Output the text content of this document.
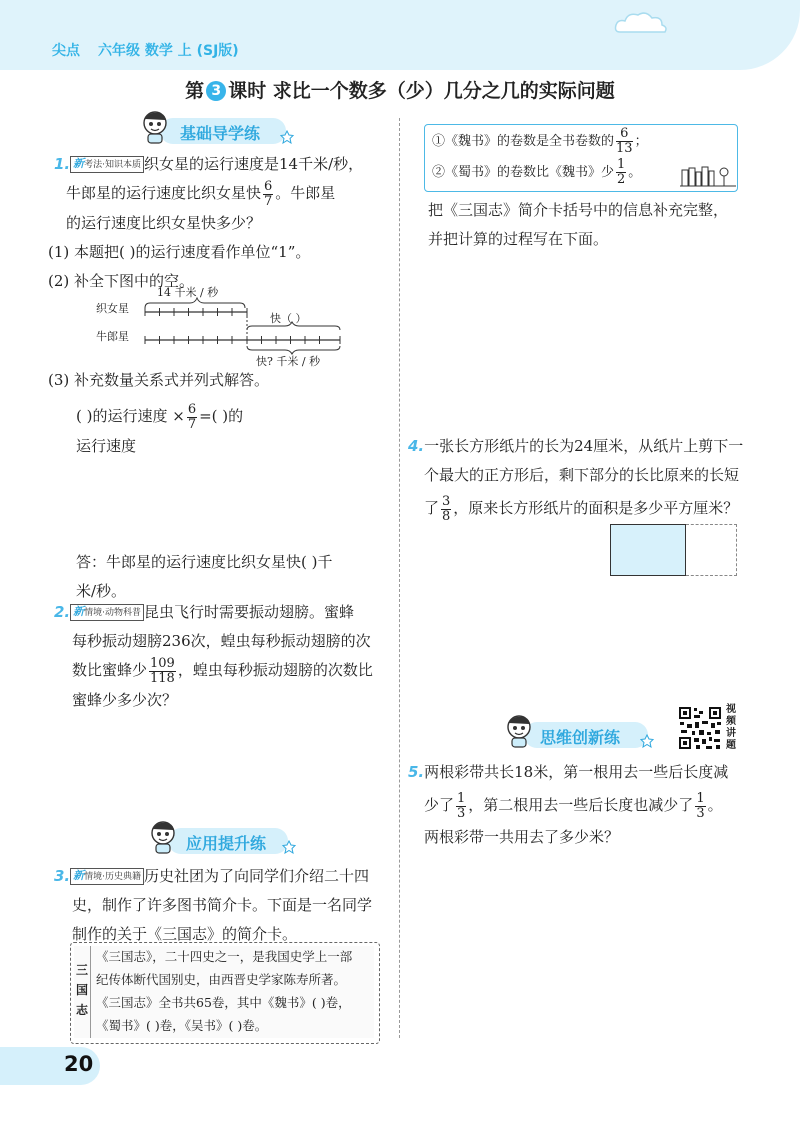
尖点 六年级 数学 上 (SJ版)
第 3 课时 求比一个数多（少）几分之几的实际问题
基础导学练
1. 新考法·知识本质 织女星的运行速度是14千米/秒，
牛郎星的运行速度比织女星快 $\frac{6}{7}$ 。牛郎星
的运行速度比织女星快多少？
(1) 本题把( )的运行速度看作单位“1”。
(2) 补全下图中的空。
14 千米 / 秒
织女星
牛郎星
快（ ）
快? 千米 / 秒
(3) 补充数量关系式并列式解答。
( )的运行速度 × $\frac{6}{7}$ =( )的
运行速度
答：牛郎星的运行速度比织女星快( )千
米/秒。
2. 新情境·动物科普 昆虫飞行时需要振动翅膀。蜜蜂
每秒振动翅膀236次，蝗虫每秒振动翅膀的次
数比蜜蜂少 $\frac{109}{118}$ ，蝗虫每秒振动翅膀的次数比
蜜蜂少多少次？
应用提升练
3. 新情境·历史典籍 历史社团为了向同学们介绍二十四
史，制作了许多图书简介卡。下面是一名同学
制作的关于《三国志》的简介卡。
三国志
《三国志》，二十四史之一，是我国史学上一部
纪传体断代国别史，由西晋史学家陈寿所著。
《三国志》全书共65卷，其中《魏书》( )卷，
《蜀书》( )卷，《吴书》( )卷。
20
①《魏书》的卷数是全书卷数的 $\frac{6}{13}$ ；
②《蜀书》的卷数比《魏书》少 $\frac{1}{2}$ 。
把《三国志》简介卡括号中的信息补充完整，
并把计算的过程写在下面。
4.一张长方形纸片的长为24厘米，从纸片上剪下一
个最大的正方形后，剩下部分的长比原来的长短
了 $\frac{3}{8}$ ，原来长方形纸片的面积是多少平方厘米？
思维创新练
视频讲题
5.两根彩带共长18米，第一根用去一些后长度减
少了 $\frac{1}{3}$ ，第二根用去一些后长度也减少了 $\frac{1}{3}$ 。
两根彩带一共用去了多少米？
